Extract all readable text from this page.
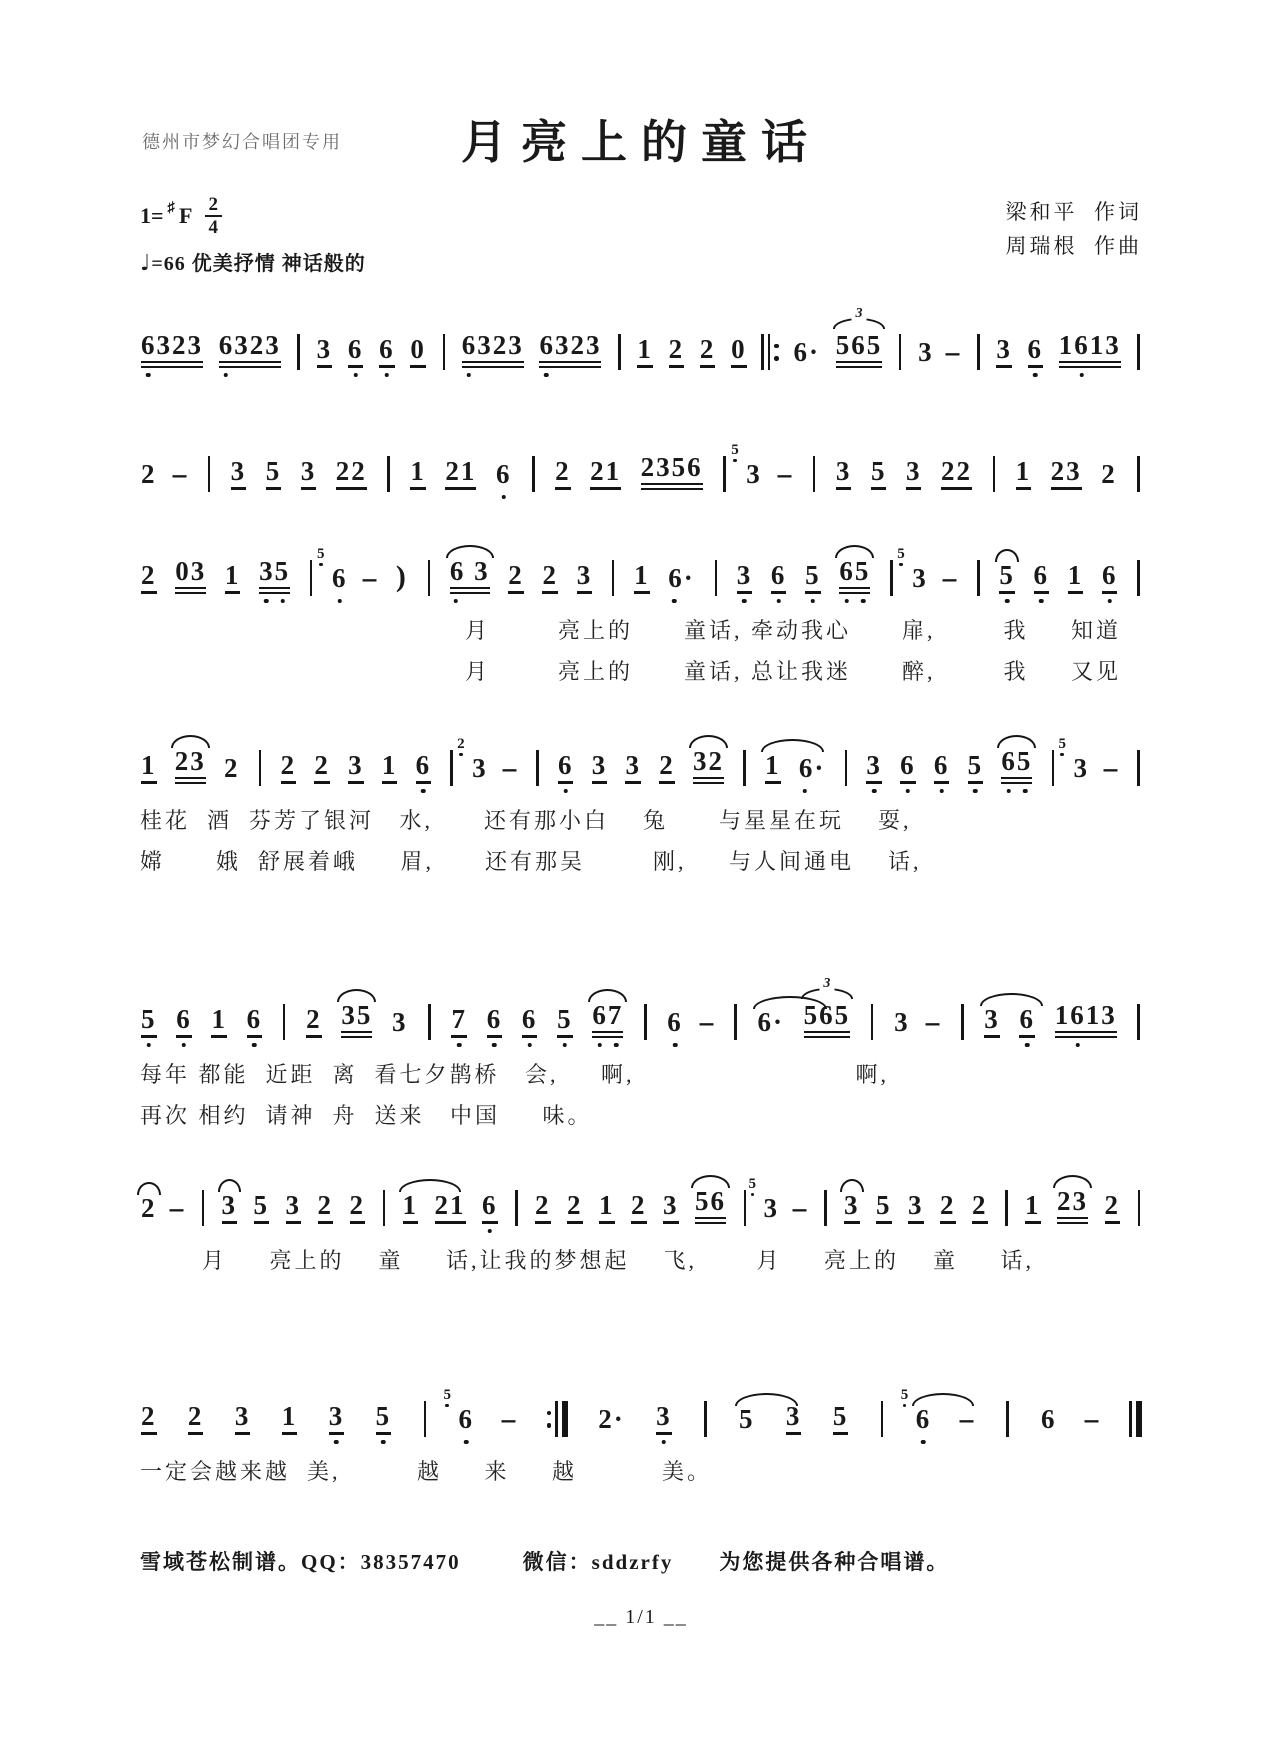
德州市梦幻合唱团专用	月亮上的童话
1= ♯ F $\frac{2}{4}$
♩=66 优美抒情 神话般的
梁和平 作词
周瑞根 作曲
6323 6323 3 6 6 0 6323 6323 1 2 2 0 6·
3
565 3 - 3 6 1613
2 - 3 5 3 22 1 21 6 2 21 2356
5
3 - 3 5 3 22 1 23 2
2 03 1 35
5
6 - ) 6 3 2 2 3 1 6· 3 6 5 65
5
3 - 5 6 1 6
月        亮上的      童话, 牵动我心      扉,        我     知道
月        亮上的      童话, 总让我迷      醉,        我     又见
1 23 2 2 2 3 1 6
2
3 - 6 3 3 2 32 1 6· 3 6 6 5 65
5
3 -
桂花  酒  芬芳了银河   水,      还有那小白    兔      与星星在玩    耍,
嫦      娥  舒展着峨     眉,      还有那吴        刚,     与人间通电    话,
5 6 1 6 2 35 3 7 6 6 5 67 6 - 6·
3
565 3 - 3 6 1613
每年 都能  近距  离  看七夕鹊桥   会,     啊,                          啊,
再次 相约  请神  舟  送来   中国     味。
2 - 3 5 3 2 2 1 21 6 2 2 1 2 3 56
5
3 - 3 5 3 2 2 1 23 2
月     亮上的    童     话,让我的梦想起    飞,       月     亮上的    童     话,
2 2 3 1 3 5
5
6 -	2· 3 5 3 5
5
6 - 6 -
一定会越来越  美,         越     来     越          美。
雪域苍松制谱。QQ：38357470	微信：sddzrfy 为您提供各种合唱谱。
__ 1/1 __
